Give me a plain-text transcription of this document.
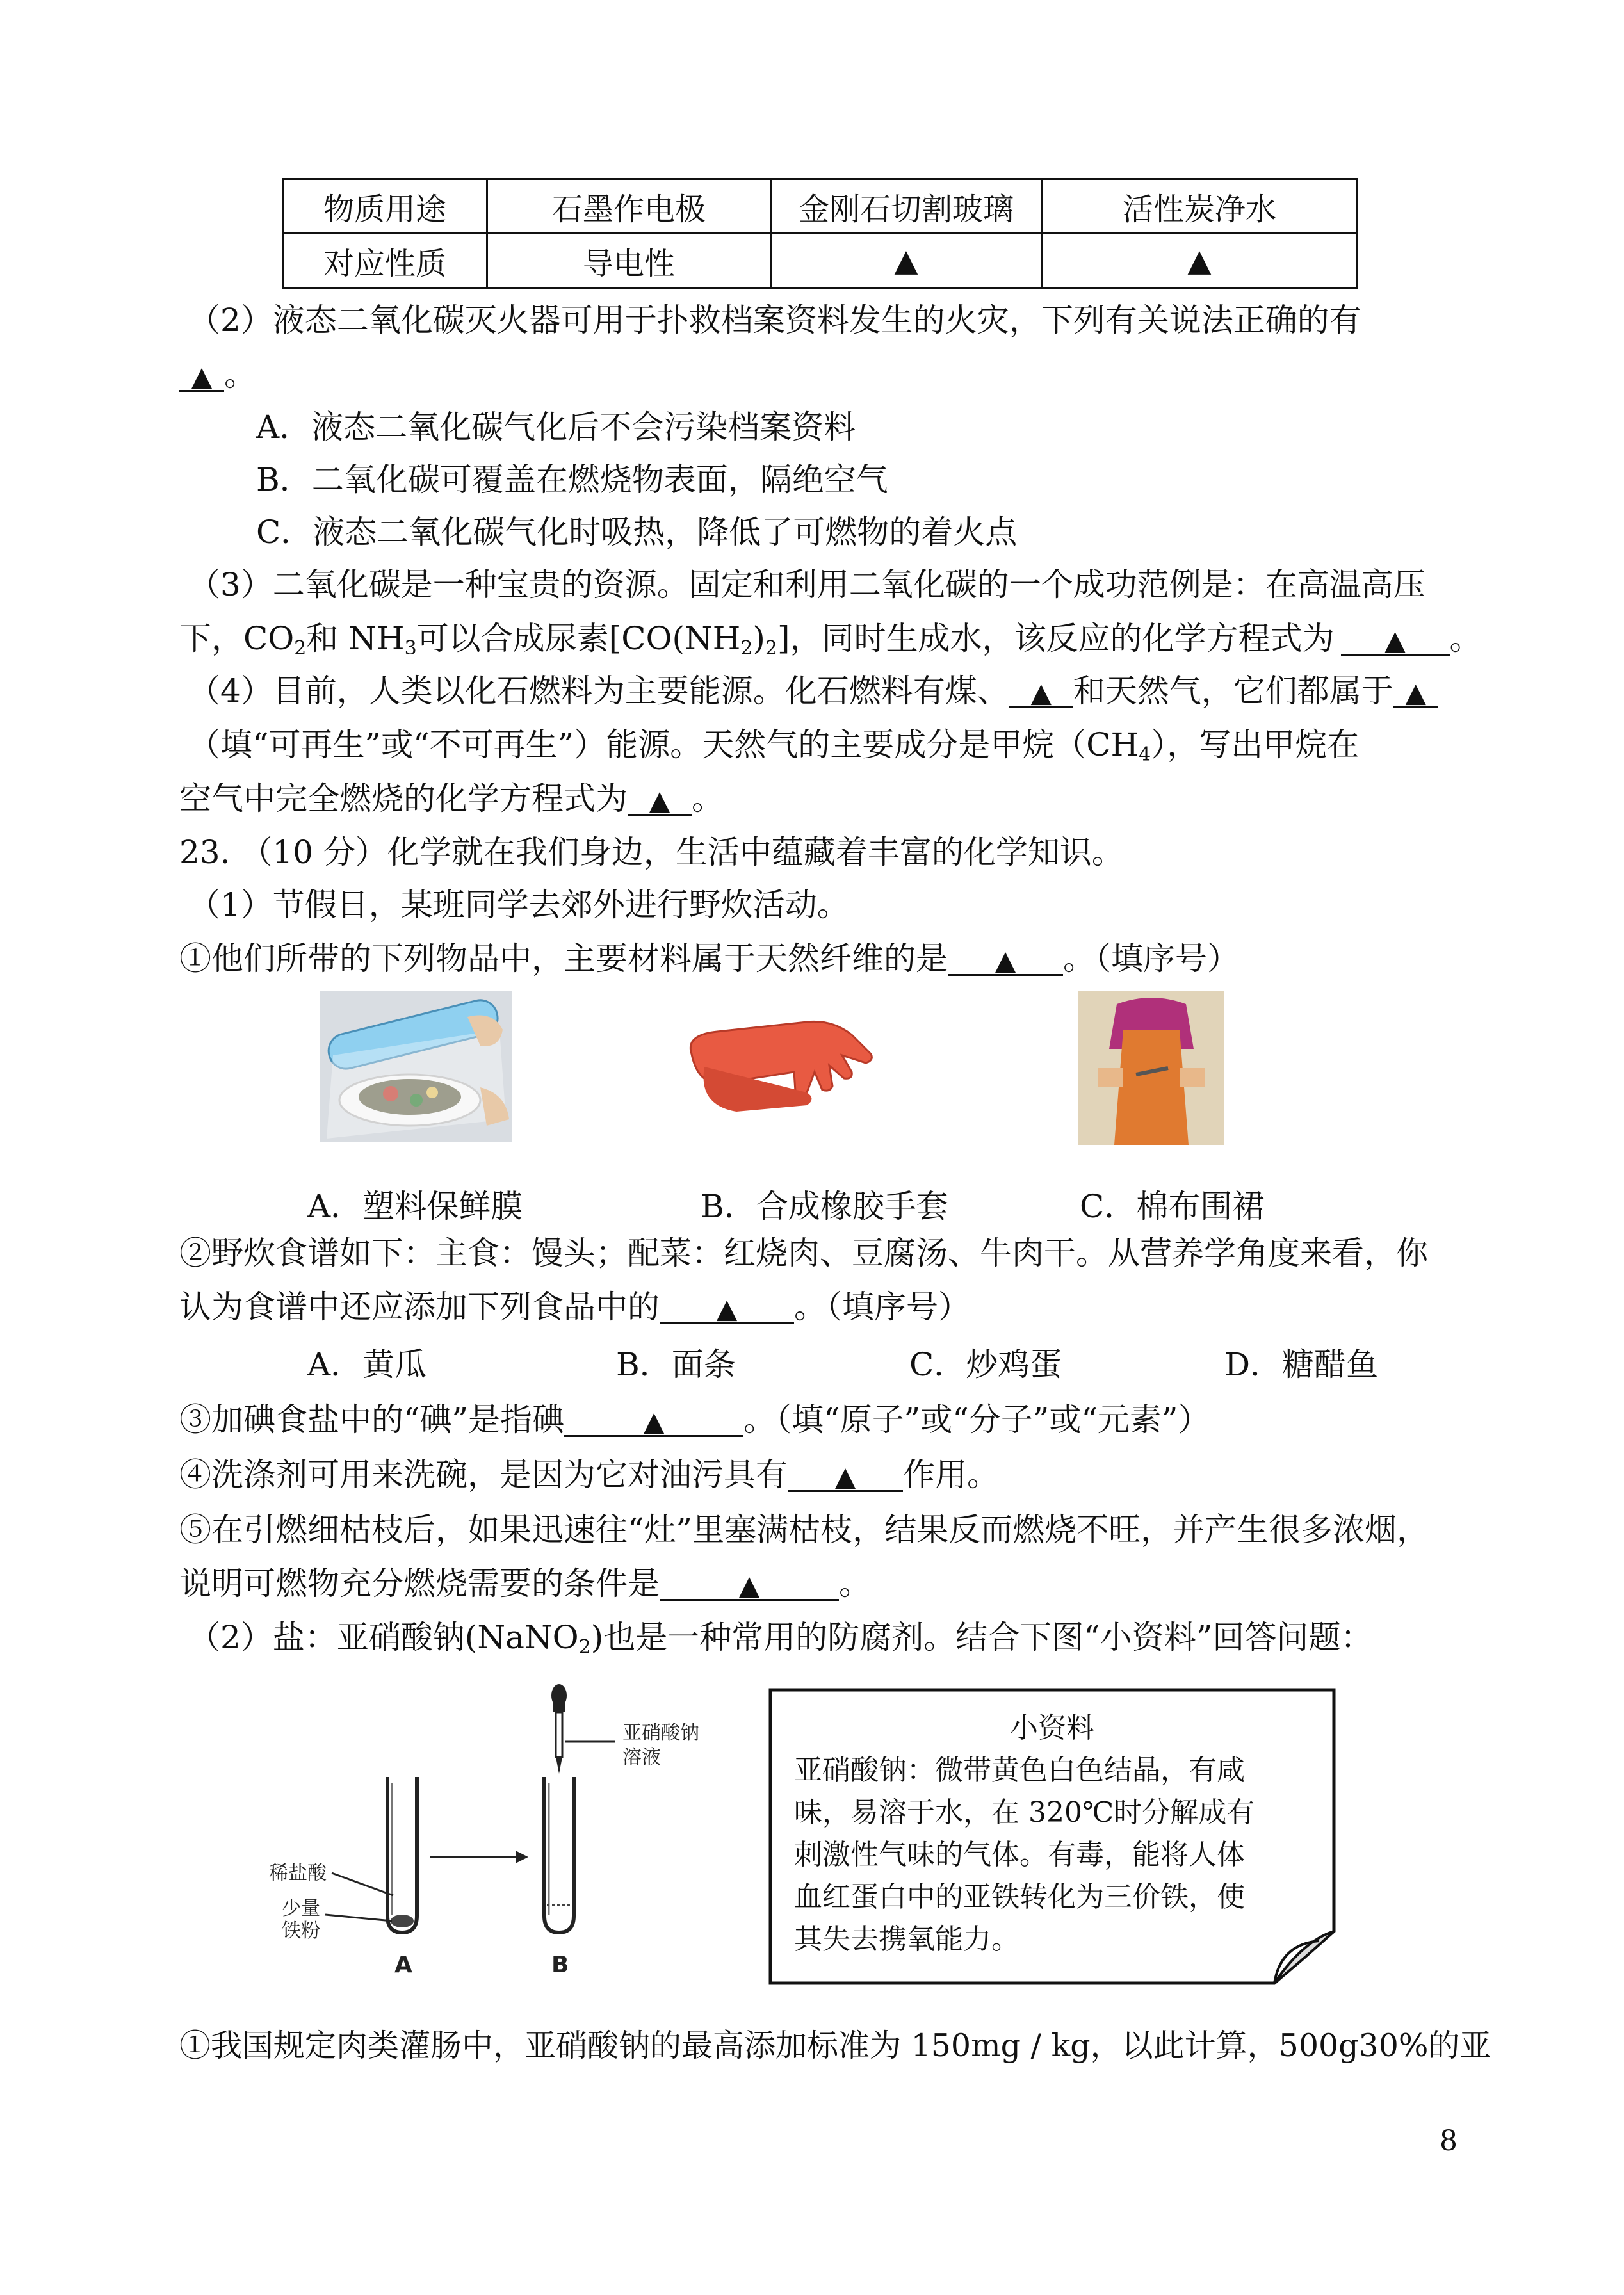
物质用途	石墨作电极	金刚石切割玻璃	活性炭净水
对应性质	导电性	▲	▲
（2）液态二氧化碳灭火器可用于扑救档案资料发生的火灾，下列有关说法正确的有
▲ 。
A．液态二氧化碳气化后不会污染档案资料
B．二氧化碳可覆盖在燃烧物表面，隔绝空气
C．液态二氧化碳气化时吸热，降低了可燃物的着火点
（3）二氧化碳是一种宝贵的资源。固定和利用二氧化碳的一个成功范例是：在高温高压
下，$CO_2$和 $NH_3$可以合成尿素$[CO(NH_2)_2]$，同时生成水，该反应的化学方程式为 ▲ 。
（4）目前，人类以化石燃料为主要能源。化石燃料有煤、 ▲ 和天然气，它们都属于 ▲
（填“可再生”或“不可再生”）能源。天然气的主要成分是甲烷$(CH_4)$，写出甲烷在
空气中完全燃烧的化学方程式为 ▲ 。
23. （10 分）化学就在我们身边，生活中蕴藏着丰富的化学知识。
（1）节假日，某班同学去郊外进行野炊活动。
①他们所带的下列物品中，主要材料属于天然纤维的是 ▲ 。（填序号）
A．塑料保鲜膜	B．合成橡胶手套	C．棉布围裙
②野炊食谱如下：主食：馒头；配菜：红烧肉、豆腐汤、牛肉干。从营养学角度来看，你
认为食谱中还应添加下列食品中的 ▲ 。（填序号）
A．黄瓜	B．面条	C．炒鸡蛋	D．糖醋鱼
③加碘食盐中的“碘”是指碘	▲ 。（填“原子”或“分子”或“元素”）
④洗涤剂可用来洗碗，是因为它对油污具有 ▲ 作用。
⑤在引燃细枯枝后，如果迅速往“灶”里塞满枯枝，结果反而燃烧不旺，并产生很多浓烟，
说明可燃物充分燃烧需要的条件是	▲ 。
（2）盐：亚硝酸钠(NaNO$_2$)也是一种常用的防腐剂。结合下图“小资料”回答问题：
亚硝酸钠
溶液
稀盐酸
少量
铁粉
A	B
小资料
亚硝酸钠：微带黄色白色结晶，有咸
味，易溶于水，在 320℃时分解成有
刺激性气味的气体。有毒，能将人体
血红蛋白中的亚铁转化为三价铁，使
其失去携氧能力。
①我国规定肉类灌肠中，亚硝酸钠的最高添加标准为 150mg / kg，以此计算，500g30%的亚
8
